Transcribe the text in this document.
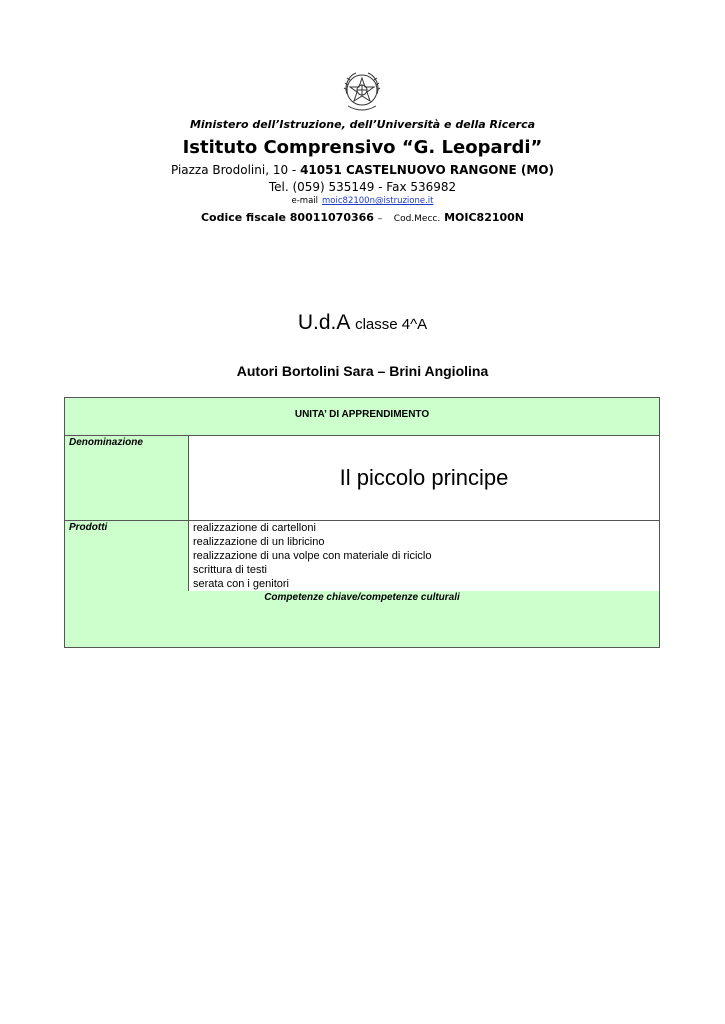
Ministero dell’Istruzione, dell’Università e della Ricerca
Istituto Comprensivo “G. Leopardi”
Piazza Brodolini, 10 - 41051 CASTELNUOVO RANGONE (MO)
Tel. (059) 535149 - Fax 536982
e-mail moic82100n@istruzione.it
Codice fiscale 80011070366 – Cod.Mecc. MOIC82100N
U.d.A classe 4^A
Autori Bortolini Sara – Brini Angiolina
UNITA’ DI APPRENDIMENTO
Denominazione
Il piccolo principe
Prodotti	realizzazione di cartelloni
realizzazione di un libricino
realizzazione di una volpe con materiale di riciclo
scrittura di testi
serata con i genitori
Competenze chiave/competenze culturali
